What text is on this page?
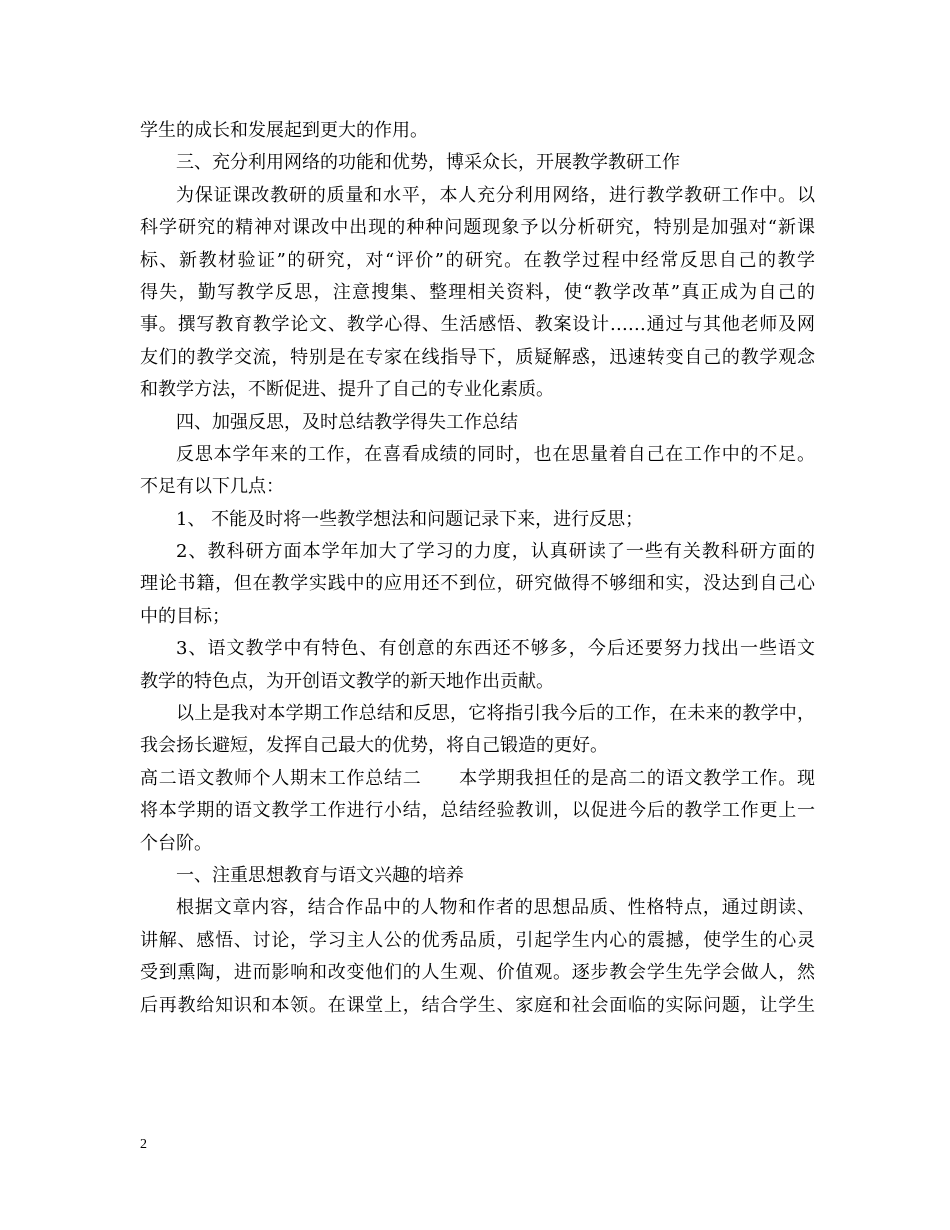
学生的成长和发展起到更大的作用。
三、充分利用网络的功能和优势，博采众长，开展教学教研工作
为保证课改教研的质量和水平，本人充分利用网络，进行教学教研工作中。以
科学研究的精神对课改中出现的种种问题现象予以分析研究，特别是加强对“新课
标、新教材验证”的研究，对“评价”的研究。在教学过程中经常反思自己的教学
得失，勤写教学反思，注意搜集、整理相关资料，使“教学改革”真正成为自己的
事。撰写教育教学论文、教学心得、生活感悟、教案设计……通过与其他老师及网
友们的教学交流，特别是在专家在线指导下，质疑解惑，迅速转变自己的教学观念
和教学方法，不断促进、提升了自己的专业化素质。
四、加强反思，及时总结教学得失工作总结
反思本学年来的工作，在喜看成绩的同时，也在思量着自己在工作中的不足。
不足有以下几点：
1、 不能及时将一些教学想法和问题记录下来，进行反思；
2、教科研方面本学年加大了学习的力度，认真研读了一些有关教科研方面的
理论书籍，但在教学实践中的应用还不到位，研究做得不够细和实，没达到自己心
中的目标；
3、语文教学中有特色、有创意的东西还不够多，今后还要努力找出一些语文
教学的特色点，为开创语文教学的新天地作出贡献。
以上是我对本学期工作总结和反思，它将指引我今后的工作，在未来的教学中，
我会扬长避短，发挥自己最大的优势，将自己锻造的更好。
高二语文教师个人期末工作总结二　　本学期我担任的是高二的语文教学工作。现
将本学期的语文教学工作进行小结，总结经验教训，以促进今后的教学工作更上一
个台阶。
一、注重思想教育与语文兴趣的培养
根据文章内容，结合作品中的人物和作者的思想品质、性格特点，通过朗读、
讲解、感悟、讨论，学习主人公的优秀品质，引起学生内心的震撼，使学生的心灵
受到熏陶，进而影响和改变他们的人生观、价值观。逐步教会学生先学会做人，然
后再教给知识和本领。在课堂上，结合学生、家庭和社会面临的实际问题，让学生
2
